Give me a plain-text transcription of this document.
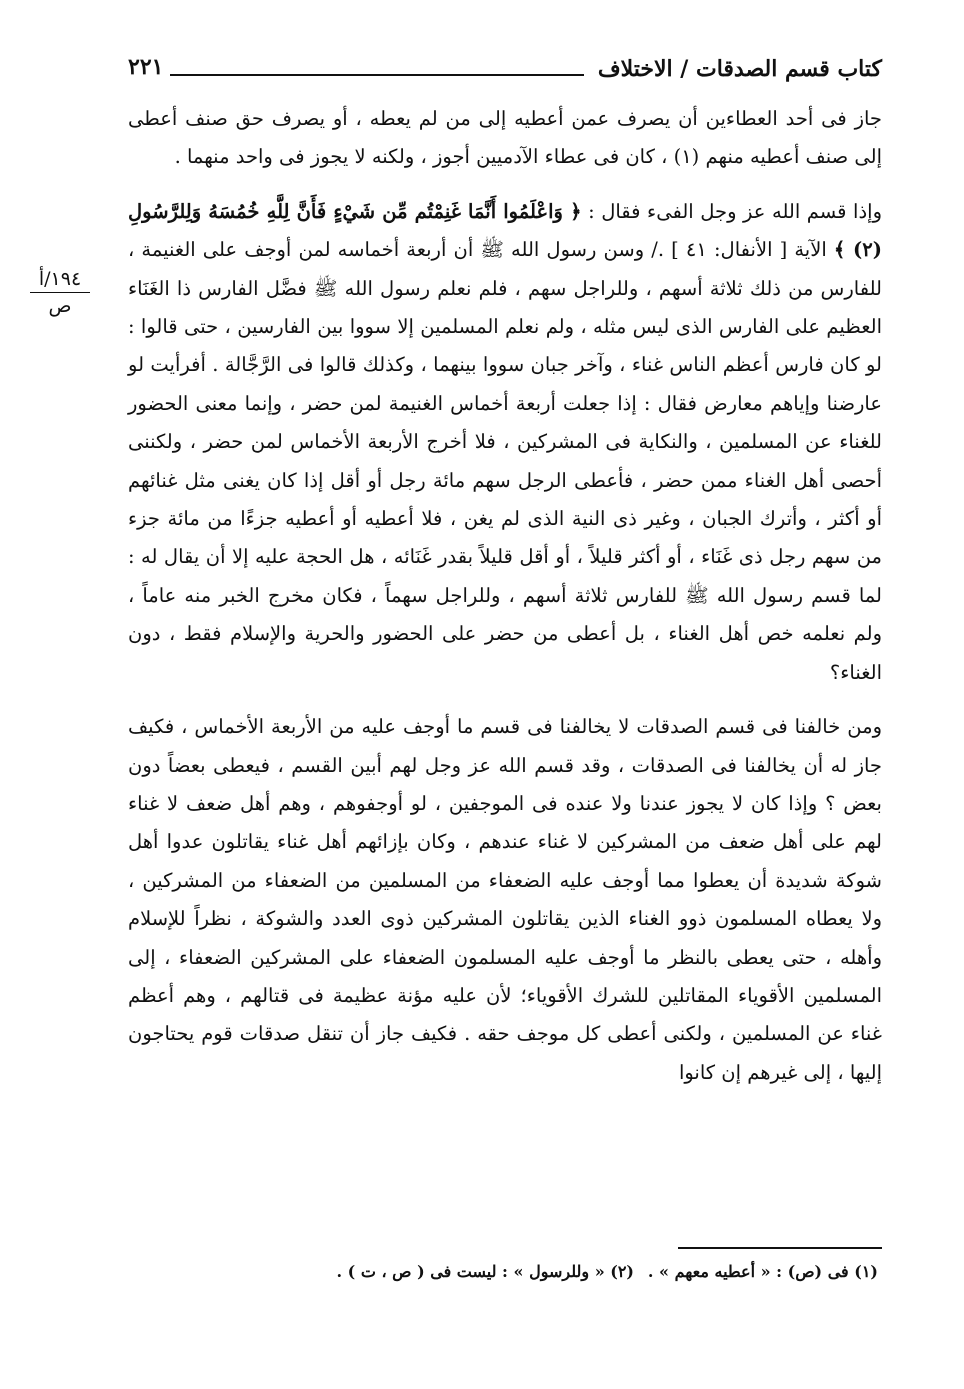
كتاب قسم الصدقات / الاختلاف
٢٢١
١٩٤/أ
ص

جاز فى أحد العطاءين أن يصرف عمن أعطيه إلى من لم يعطه ، أو يصرف حق صنف أعطى إلى صنف أعطيه منهم (١) ، كان فى عطاء الآدميين أجوز ، ولكنه لا يجوز فى واحد منهما .

وإذا قسم الله عز وجل الفىء فقال : ﴿ وَاعْلَمُوا أَنَّمَا غَنِمْتُم مِّن شَيْءٍ فَأَنَّ لِلَّهِ خُمُسَهُ وَلِلرَّسُولِ (٢) ﴾ الآية [ الأنفال: ٤١ ] ./ وسن رسول الله ﷺ أن أربعة أخماسه لمن أوجف على الغنيمة ، للفارس من ذلك ثلاثة أسهم ، وللراجل سهم ، فلم نعلم رسول الله ﷺ فضَّل الفارس ذا الغَنَاء العظيم على الفارس الذى ليس مثله ، ولم نعلم المسلمين إلا سووا بين الفارسين ، حتى قالوا : لو كان فارس أعظم الناس غناء ، وآخر جبان سووا بينهما ، وكذلك قالوا فى الرَّجَّالة . أفرأيت لو عارضنا وإياهم معارض فقال : إذا جعلت أربعة أخماس الغنيمة لمن حضر ، وإنما معنى الحضور للغناء عن المسلمين ، والنكاية فى المشركين ، فلا أخرج الأربعة الأخماس لمن حضر ، ولكننى أحصى أهل الغناء ممن حضر ، فأعطى الرجل سهم مائة رجل أو أقل إذا كان يغنى مثل غنائهم أو أكثر ، وأترك الجبان ، وغير ذى النية الذى لم يغن ، فلا أعطيه أو أعطيه جزءًا من مائة جزء من سهم رجل ذى غَنَاء ، أو أكثر قليلاً ، أو أقل قليلاً بقدر غَنَائه ، هل الحجة عليه إلا أن يقال له : لما قسم رسول الله ﷺ للفارس ثلاثة أسهم ، وللراجل سهماً ، فكان مخرج الخبر منه عاماً ، ولم نعلمه خص أهل الغناء ، بل أعطى من حضر على الحضور والحرية والإسلام فقط ، دون الغناء؟

ومن خالفنا فى قسم الصدقات لا يخالفنا فى قسم ما أوجف عليه من الأربعة الأخماس ، فكيف جاز له أن يخالفنا فى الصدقات ، وقد قسم الله عز وجل لهم أبين القسم ، فيعطى بعضاً دون بعض ؟ وإذا كان لا يجوز عندنا ولا عنده فى الموجفين ، لو أوجفوهم ، وهم أهل ضعف لا غناء لهم على أهل ضعف من المشركين لا غناء عندهم ، وكان بإزائهم أهل غناء يقاتلون عدوا أهل شوكة شديدة أن يعطوا مما أوجف عليه الضعفاء من المسلمين من الضعفاء من المشركين ، ولا يعطاه المسلمون ذوو الغناء الذين يقاتلون المشركين ذوى العدد والشوكة ، نظراً للإسلام وأهله ، حتى يعطى بالنظر ما أوجف عليه المسلمون الضعفاء على المشركين الضعفاء ، إلى المسلمين الأقوياء المقاتلين للشرك الأقوياء؛ لأن عليه مؤنة عظيمة فى قتالهم ، وهم أعظم غناء عن المسلمين ، ولكنى أعطى كل موجف حقه . فكيف جاز أن تنقل صدقات قوم يحتاجون إليها ، إلى غيرهم إن كانوا

(١) فى (ص) : « أعطيه معهم » .
(٢) « وللرسول » : ليست فى ( ص ، ت ) .
